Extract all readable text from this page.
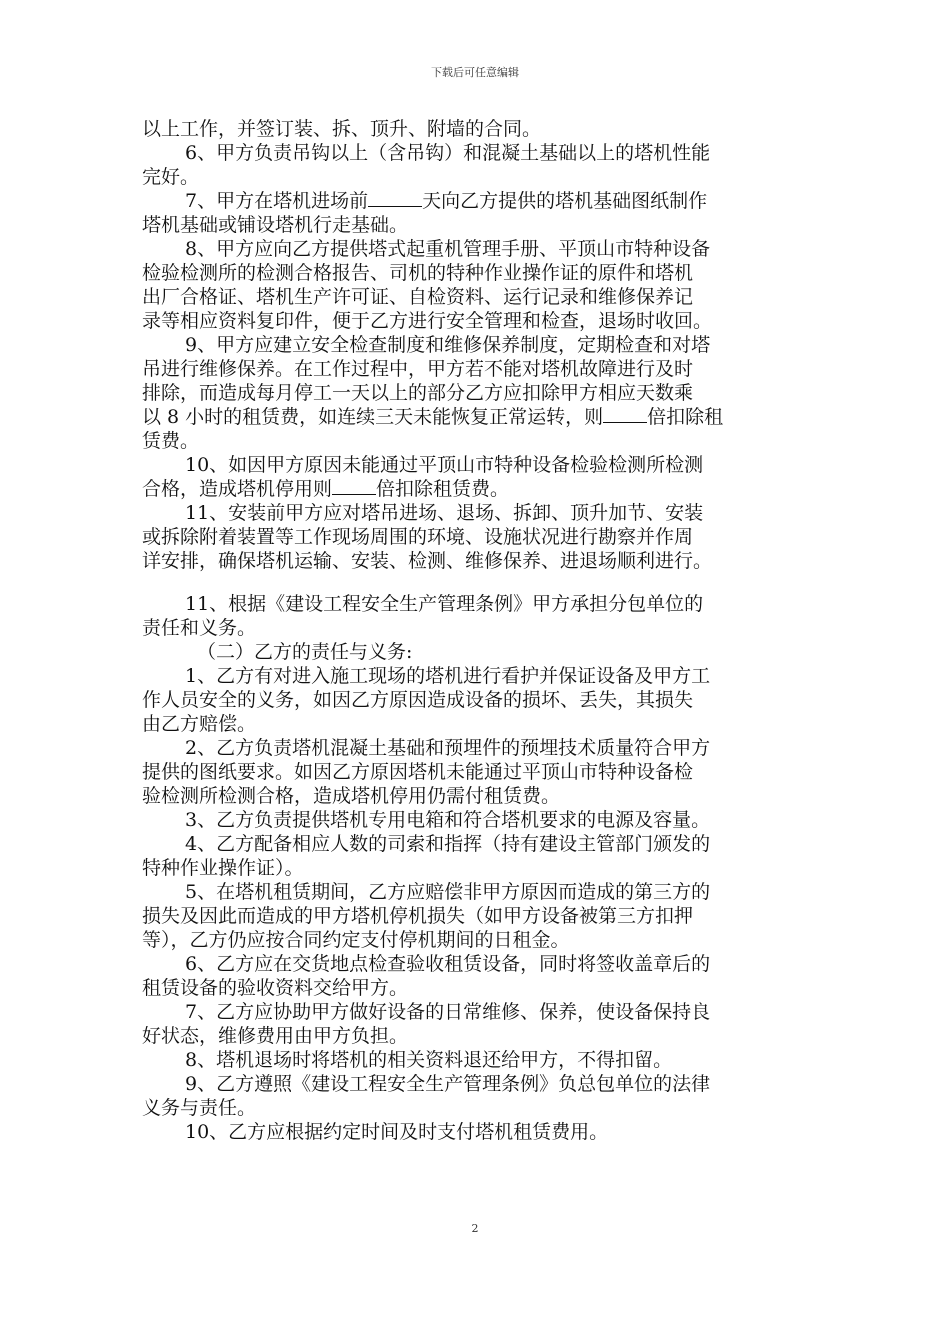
下载后可任意编辑
以上工作，并签订装、拆、顶升、附墙的合同。
6、甲方负责吊钩以上（含吊钩）和混凝土基础以上的塔机性能
完好。
7、甲方在塔机进场前	天向乙方提供的塔机基础图纸制作
塔机基础或铺设塔机行走基础。
8、甲方应向乙方提供塔式起重机管理手册、平顶山市特种设备
检验检测所的检测合格报告、司机的特种作业操作证的原件和塔机
出厂合格证、塔机生产许可证、自检资料、运行记录和维修保养记
录等相应资料复印件，便于乙方进行安全管理和检查，退场时收回。
9、甲方应建立安全检查制度和维修保养制度，定期检查和对塔
吊进行维修保养。在工作过程中，甲方若不能对塔机故障进行及时
排除，而造成每月停工一天以上的部分乙方应扣除甲方相应天数乘
以 8 小时的租赁费，如连续三天未能恢复正常运转，则 倍扣除租
赁费。
10、如因甲方原因未能通过平顶山市特种设备检验检测所检测
合格，造成塔机停用则 倍扣除租赁费。
11、安装前甲方应对塔吊进场、退场、拆卸、顶升加节、安装
或拆除附着装置等工作现场周围的环境、设施状况进行勘察并作周
详安排，确保塔机运输、安装、检测、维修保养、进退场顺利进行。
11、根据《建设工程安全生产管理条例》甲方承担分包单位的
责任和义务。
（二）乙方的责任与义务:
1、乙方有对进入施工现场的塔机进行看护并保证设备及甲方工
作人员安全的义务，如因乙方原因造成设备的损坏、丢失，其损失
由乙方赔偿。
2、乙方负责塔机混凝土基础和预埋件的预埋技术质量符合甲方
提供的图纸要求。如因乙方原因塔机未能通过平顶山市特种设备检
验检测所检测合格，造成塔机停用仍需付租赁费。
3、乙方负责提供塔机专用电箱和符合塔机要求的电源及容量。
4、乙方配备相应人数的司索和指挥（持有建设主管部门颁发的
特种作业操作证）。
5、在塔机租赁期间，乙方应赔偿非甲方原因而造成的第三方的
损失及因此而造成的甲方塔机停机损失（如甲方设备被第三方扣押
等），乙方仍应按合同约定支付停机期间的日租金。
6、乙方应在交货地点检查验收租赁设备，同时将签收盖章后的
租赁设备的验收资料交给甲方。
7、乙方应协助甲方做好设备的日常维修、保养，使设备保持良
好状态，维修费用由甲方负担。
8、塔机退场时将塔机的相关资料退还给甲方，不得扣留。
9、乙方遵照《建设工程安全生产管理条例》负总包单位的法律
义务与责任。
10、乙方应根据约定时间及时支付塔机租赁费用。
2
